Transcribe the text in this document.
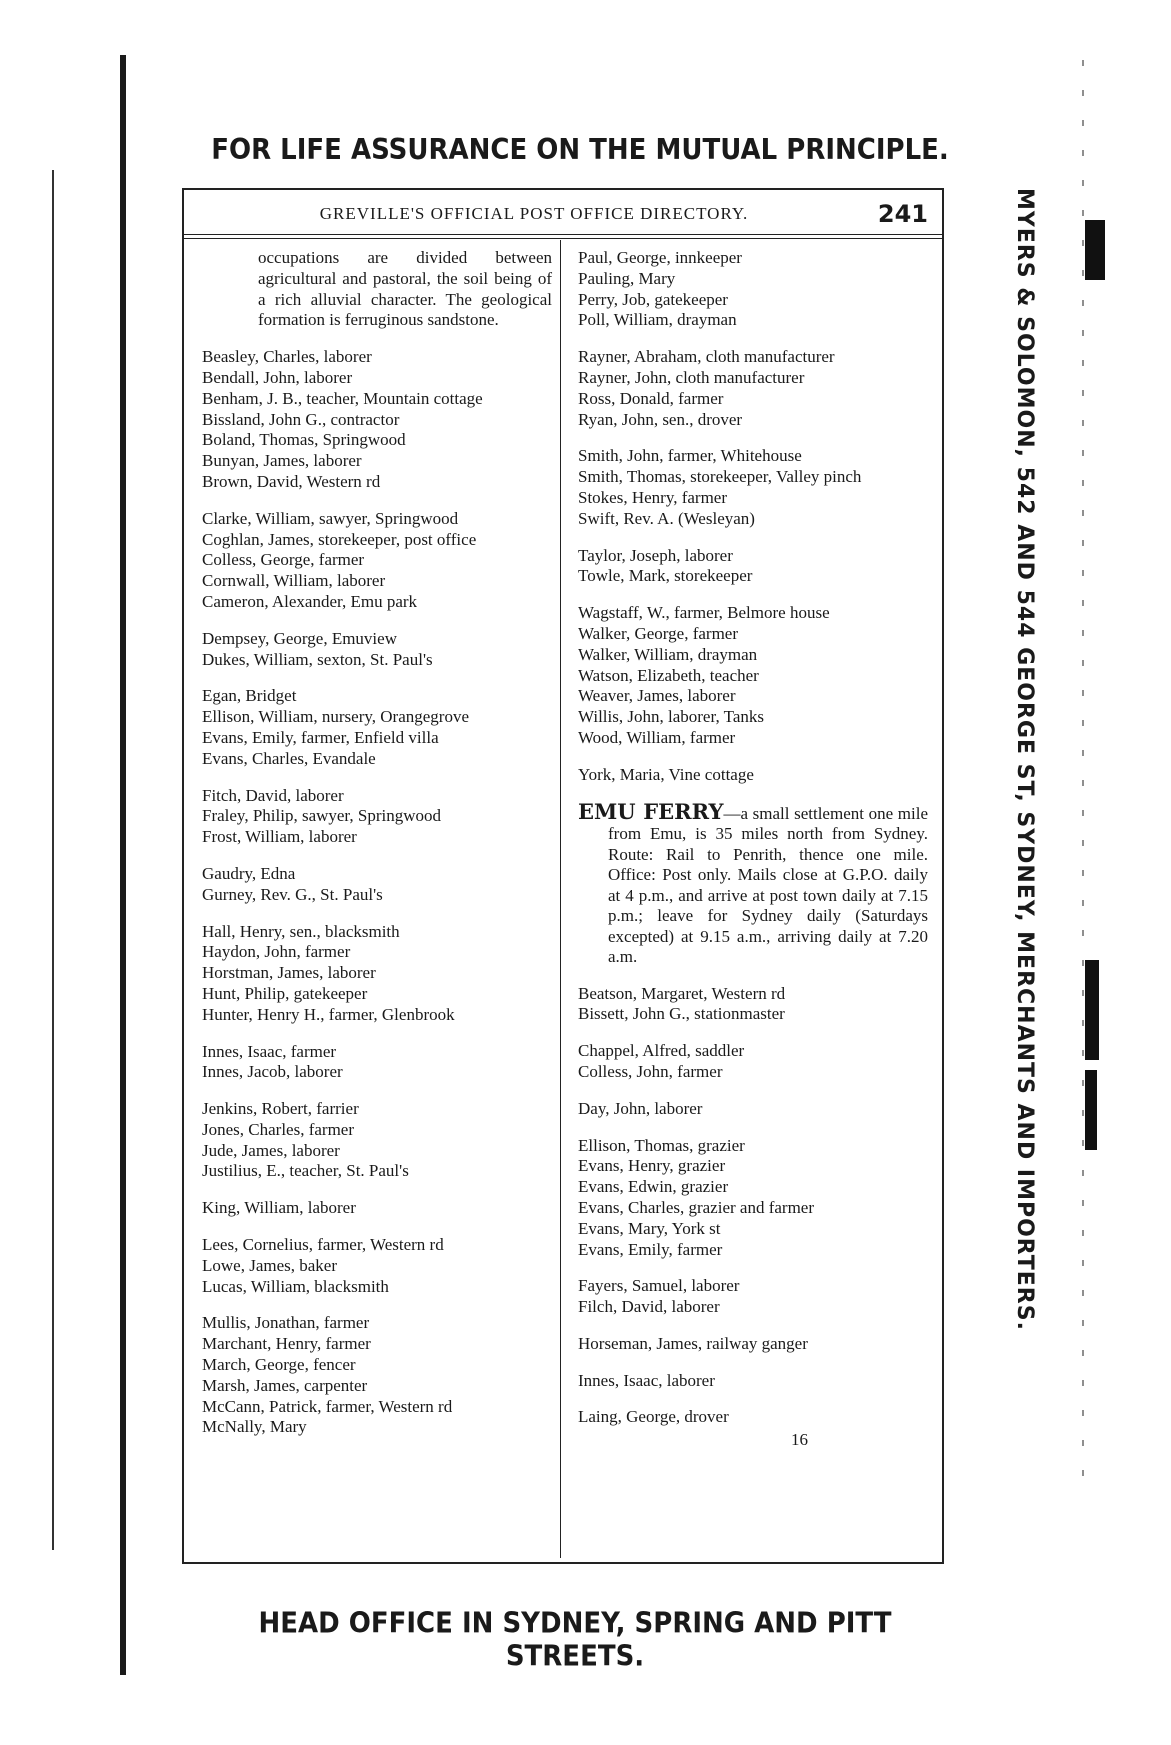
FOR LIFE ASSURANCE ON THE MUTUAL PRINCIPLE.
GREVILLE'S OFFICIAL POST OFFICE DIRECTORY.	241
occupations are divided between agricultural and pastoral, the soil being of a rich alluvial character. The geological formation is ferruginous sandstone.
Beasley, Charles, laborer
Bendall, John, laborer
Benham, J. B., teacher, Mountain cottage
Bissland, John G., contractor
Boland, Thomas, Springwood
Bunyan, James, laborer
Brown, David, Western rd
Clarke, William, sawyer, Springwood
Coghlan, James, storekeeper, post office
Colless, George, farmer
Cornwall, William, laborer
Cameron, Alexander, Emu park
Dempsey, George, Emuview
Dukes, William, sexton, St. Paul's
Egan, Bridget
Ellison, William, nursery, Orangegrove
Evans, Emily, farmer, Enfield villa
Evans, Charles, Evandale
Fitch, David, laborer
Fraley, Philip, sawyer, Springwood
Frost, William, laborer
Gaudry, Edna
Gurney, Rev. G., St. Paul's
Hall, Henry, sen., blacksmith
Haydon, John, farmer
Horstman, James, laborer
Hunt, Philip, gatekeeper
Hunter, Henry H., farmer, Glenbrook
Innes, Isaac, farmer
Innes, Jacob, laborer
Jenkins, Robert, farrier
Jones, Charles, farmer
Jude, James, laborer
Justilius, E., teacher, St. Paul's
King, William, laborer
Lees, Cornelius, farmer, Western rd
Lowe, James, baker
Lucas, William, blacksmith
Mullis, Jonathan, farmer
Marchant, Henry, farmer
March, George, fencer
Marsh, James, carpenter
McCann, Patrick, farmer, Western rd
McNally, Mary
Paul, George, innkeeper
Pauling, Mary
Perry, Job, gatekeeper
Poll, William, drayman
Rayner, Abraham, cloth manufacturer
Rayner, John, cloth manufacturer
Ross, Donald, farmer
Ryan, John, sen., drover
Smith, John, farmer, Whitehouse
Smith, Thomas, storekeeper, Valley pinch
Stokes, Henry, farmer
Swift, Rev. A. (Wesleyan)
Taylor, Joseph, laborer
Towle, Mark, storekeeper
Wagstaff, W., farmer, Belmore house
Walker, George, farmer
Walker, William, drayman
Watson, Elizabeth, teacher
Weaver, James, laborer
Willis, John, laborer, Tanks
Wood, William, farmer
York, Maria, Vine cottage
EMU FERRY—a small settlement one mile from Emu, is 35 miles north from Sydney. Route: Rail to Penrith, thence one mile. Office: Post only. Mails close at G.P.O. daily at 4 p.m., and arrive at post town daily at 7.15 p.m.; leave for Sydney daily (Saturdays excepted) at 9.15 a.m., arriving daily at 7.20 a.m.
Beatson, Margaret, Western rd
Bissett, John G., stationmaster
Chappel, Alfred, saddler
Colless, John, farmer
Day, John, laborer
Ellison, Thomas, grazier
Evans, Henry, grazier
Evans, Edwin, grazier
Evans, Charles, grazier and farmer
Evans, Mary, York st
Evans, Emily, farmer
Fayers, Samuel, laborer
Filch, David, laborer
Horseman, James, railway ganger
Innes, Isaac, laborer
Laing, George, drover
16
MYERS & SOLOMON, 542 AND 544 GEORGE ST, SYDNEY, MERCHANTS AND IMPORTERS.
HEAD OFFICE IN SYDNEY, SPRING AND PITT STREETS.
